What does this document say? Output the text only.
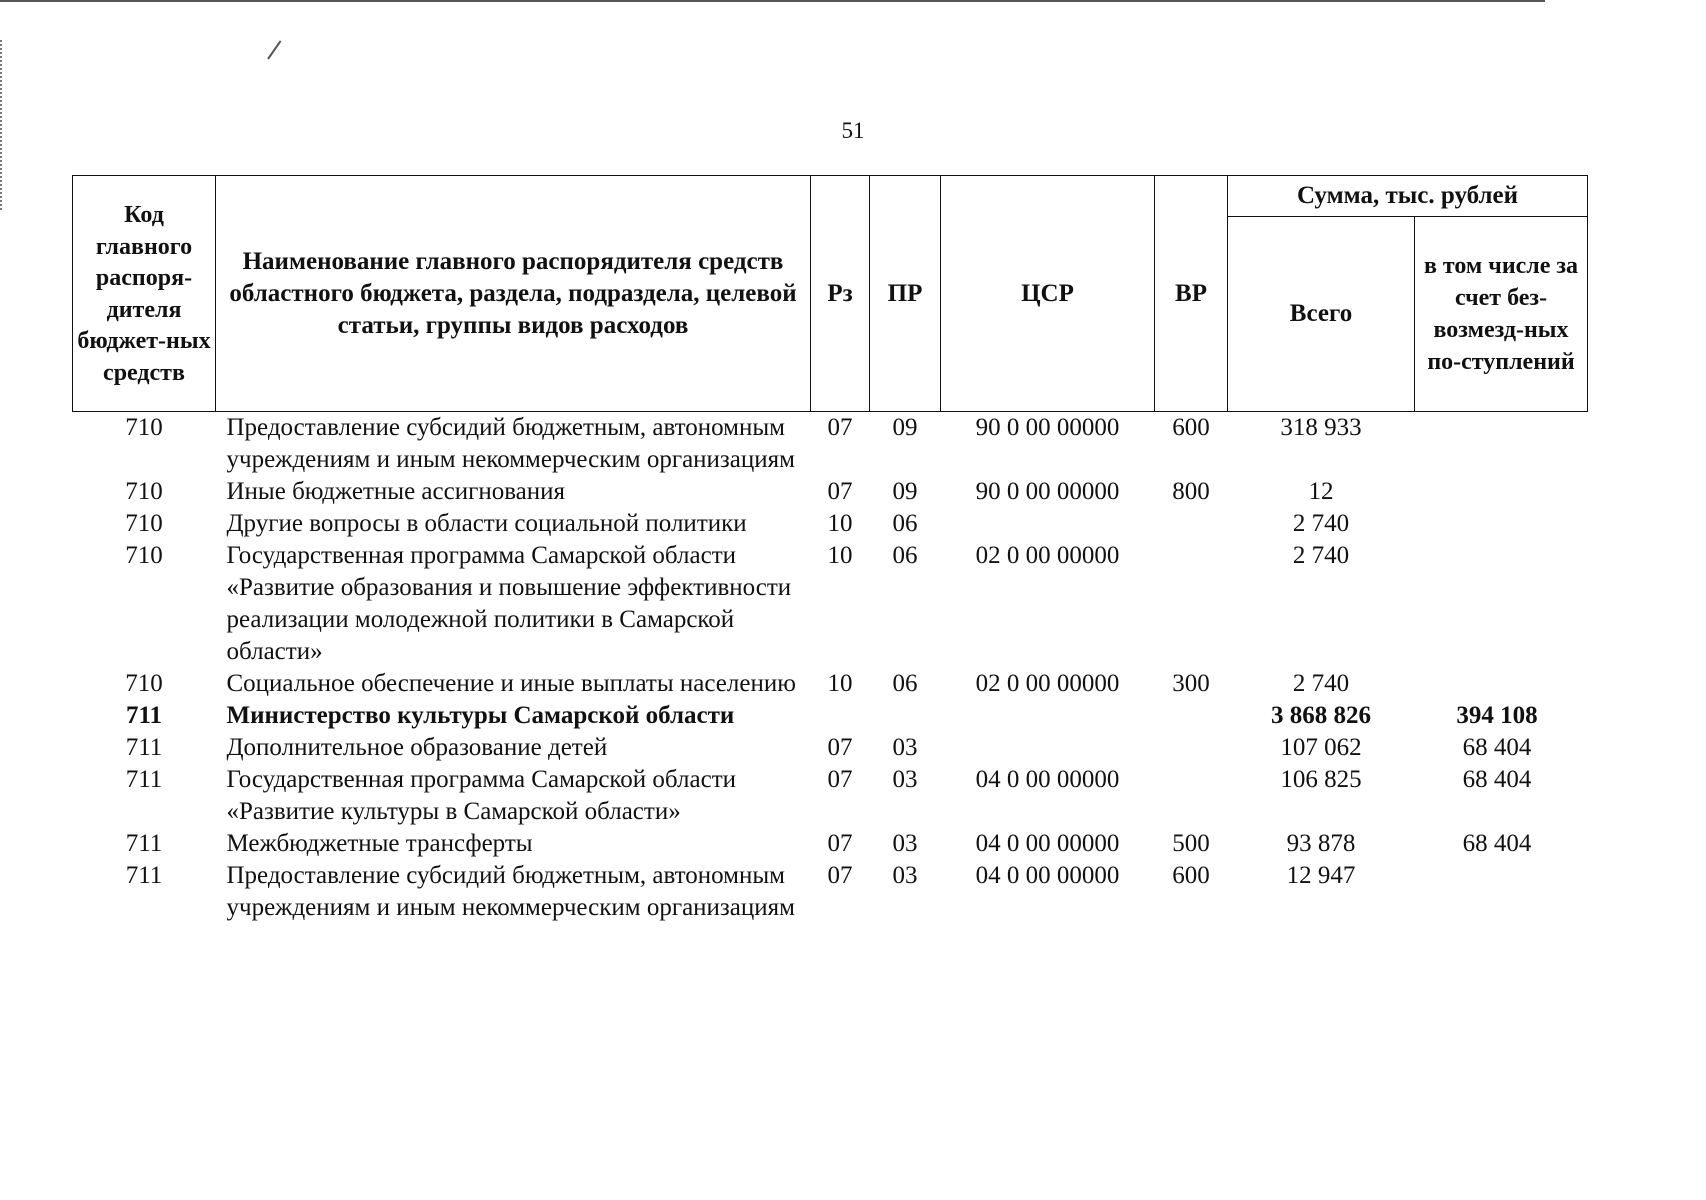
51
Код главного распоря-дителя бюджет-ных средств	Наименование главного распорядителя средств областного бюджета, раздела, подраздела, целевой статьи, группы видов расходов	Рз	ПР	ЦСР	ВР	Сумма, тыс. рублей	
						Всего	в том числе за счет без-возмезд-ных по-ступлений
710	Предоставление субсидий бюджетным, автономным учреждениям и иным некоммерческим организациям	07	09	90 0 00 00000	600	318 933	
710	Иные бюджетные ассигнования	07	09	90 0 00 00000	800	12	
710	Другие вопросы в области социальной политики	10	06			2 740	
710	Государственная программа Самарской области «Развитие образования и повышение эффективности реализации молодежной политики в Самарской области»	10	06	02 0 00 00000		2 740	
710	Социальное обеспечение и иные выплаты населению	10	06	02 0 00 00000	300	2 740	
711	Министерство культуры Самарской области					3 868 826	394 108
711	Дополнительное образование детей	07	03			107 062	68 404
711	Государственная программа Самарской области «Развитие культуры в Самарской области»	07	03	04 0 00 00000		106 825	68 404
711	Межбюджетные трансферты	07	03	04 0 00 00000	500	93 878	68 404
711	Предоставление субсидий бюджетным, автономным учреждениям и иным некоммерческим организациям	07	03	04 0 00 00000	600	12 947	
